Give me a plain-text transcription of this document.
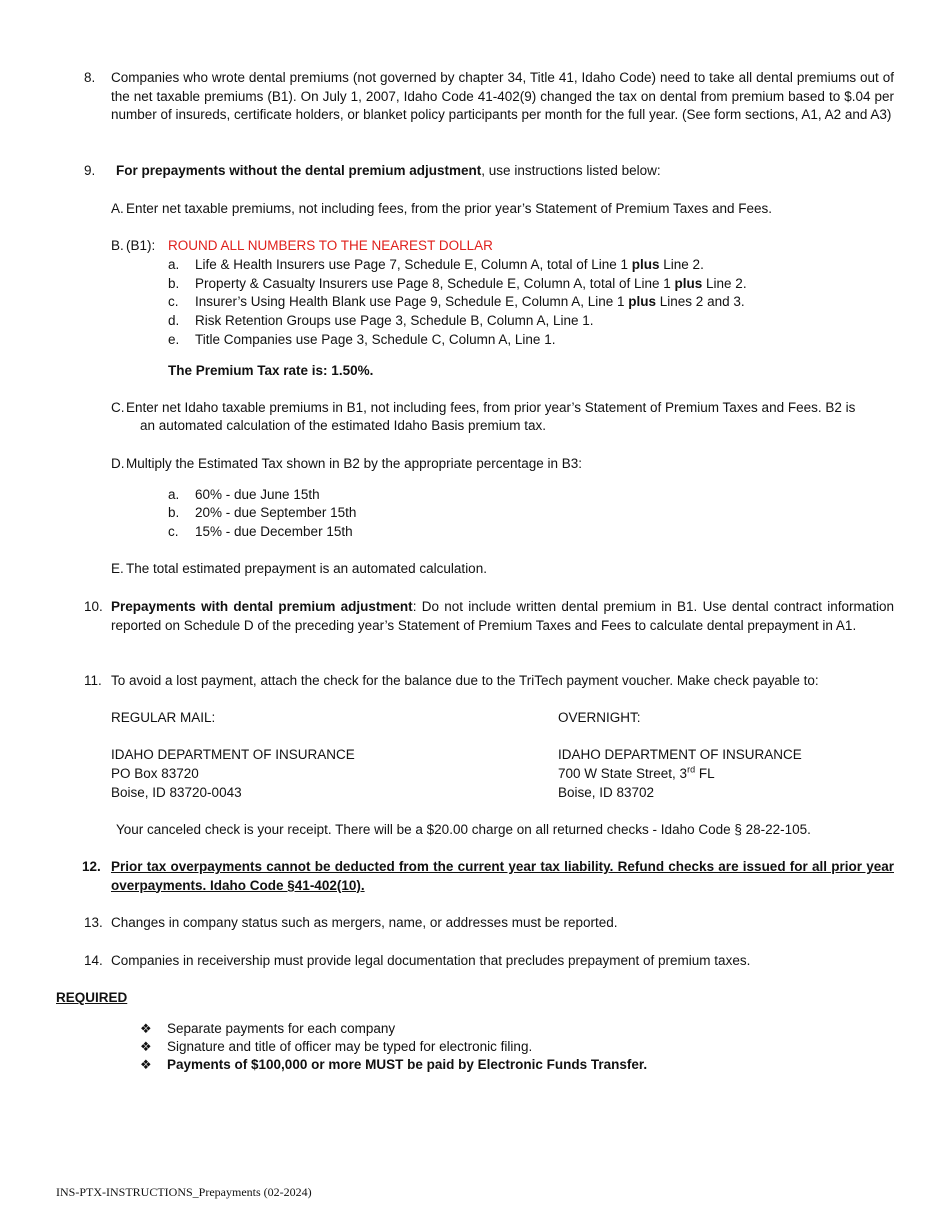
8. Companies who wrote dental premiums (not governed by chapter 34, Title 41, Idaho Code) need to take all dental premiums out of the net taxable premiums (B1). On July 1, 2007, Idaho Code 41-402(9) changed the tax on dental from premium based to $.04 per number of insureds, certificate holders, or blanket policy participants per month for the full year. (See form sections, A1, A2 and A3)
9. For prepayments without the dental premium adjustment, use instructions listed below:
A. Enter net taxable premiums, not including fees, from the prior year’s Statement of Premium Taxes and Fees.
B. (B1): ROUND ALL NUMBERS TO THE NEAREST DOLLAR
a. Life & Health Insurers use Page 7, Schedule E, Column A, total of Line 1 plus Line 2.
b. Property & Casualty Insurers use Page 8, Schedule E, Column A, total of Line 1 plus Line 2.
c. Insurer’s Using Health Blank use Page 9, Schedule E, Column A, Line 1 plus Lines 2 and 3.
d. Risk Retention Groups use Page 3, Schedule B, Column A, Line 1.
e. Title Companies use Page 3, Schedule C, Column A, Line 1.
The Premium Tax rate is: 1.50%.
C. Enter net Idaho taxable premiums in B1, not including fees, from prior year’s Statement of Premium Taxes and Fees. B2 is
an automated calculation of the estimated Idaho Basis premium tax.
D. Multiply the Estimated Tax shown in B2 by the appropriate percentage in B3:
a. 60% - due June 15th
b. 20% - due September 15th
c. 15% - due December 15th
E. The total estimated prepayment is an automated calculation.
10. Prepayments with dental premium adjustment: Do not include written dental premium in B1. Use dental contract information reported on Schedule D of the preceding year’s Statement of Premium Taxes and Fees to calculate dental prepayment in A1.
11. To avoid a lost payment, attach the check for the balance due to the TriTech payment voucher. Make check payable to:
REGULAR MAIL:
IDAHO DEPARTMENT OF INSURANCE
PO Box 83720
Boise, ID 83720-0043
OVERNIGHT:
IDAHO DEPARTMENT OF INSURANCE
700 W State Street, 3rd FL
Boise, ID 83702
Your canceled check is your receipt. There will be a $20.00 charge on all returned checks - Idaho Code § 28-22-105.
12. Prior tax overpayments cannot be deducted from the current year tax liability. Refund checks are issued for all prior year overpayments. Idaho Code §41-402(10).
13. Changes in company status such as mergers, name, or addresses must be reported.
14. Companies in receivership must provide legal documentation that precludes prepayment of premium taxes.
REQUIRED
❖ Separate payments for each company
❖ Signature and title of officer may be typed for electronic filing.
❖ Payments of $100,000 or more MUST be paid by Electronic Funds Transfer.
INS-PTX-INSTRUCTIONS_Prepayments (02-2024)
